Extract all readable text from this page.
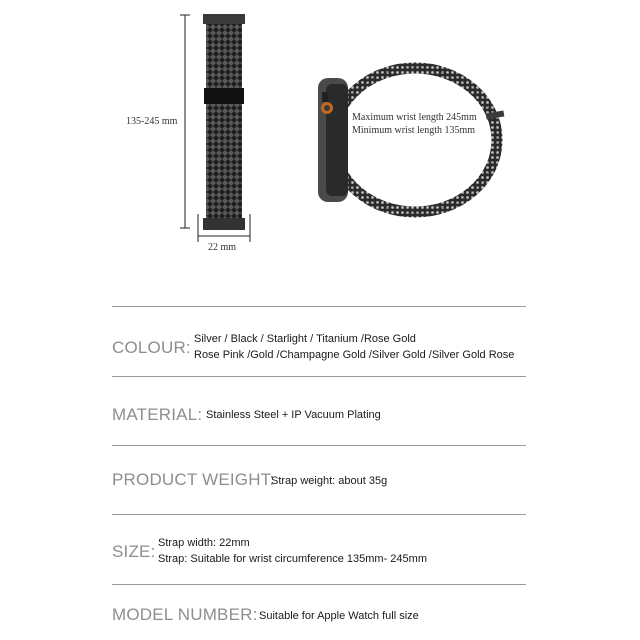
135-245 mm
22 mm
Maximum wrist length 245mm
Minimum wrist length 135mm
COLOUR: Silver / Black / Starlight / Titanium /Rose Gold
Rose Pink /Gold /Champagne Gold /Silver Gold /Silver Gold Rose
MATERIAL: Stainless Steel + IP Vacuum Plating
PRODUCT WEIGHT:
Strap weight: about 35g
SIZE: Strap width: 22mm
Strap: Suitable for wrist circumference 135mm- 245mm
MODEL NUMBER: Suitable for Apple Watch full size
